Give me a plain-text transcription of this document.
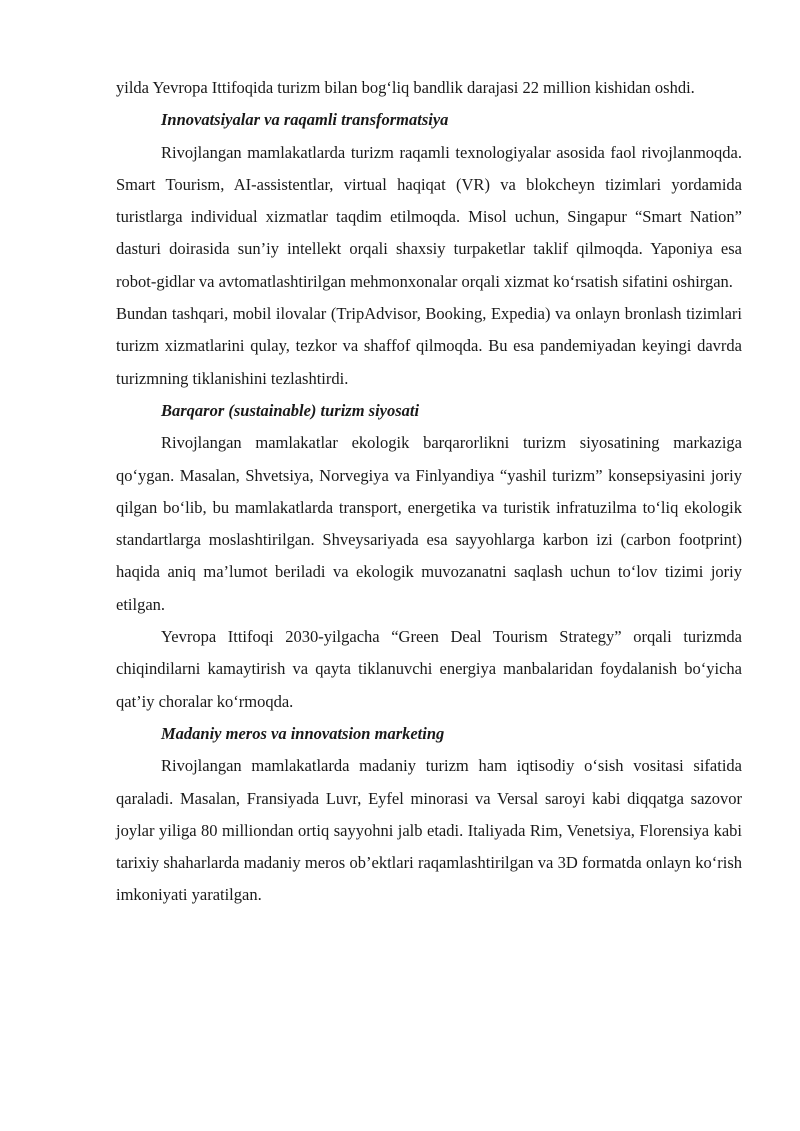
yilda Yevropa Ittifoqida turizm bilan bog‘liq bandlik darajasi 22 million kishidan oshdi.

Innovatsiyalar va raqamli transformatsiya

Rivojlangan mamlakatlarda turizm raqamli texnologiyalar asosida faol rivojlanmoqda. Smart Tourism, AI-assistentlar, virtual haqiqat (VR) va blokcheyn tizimlari yordamida turistlarga individual xizmatlar taqdim etilmoqda. Misol uchun, Singapur “Smart Nation” dasturi doirasida sun’iy intellekt orqali shaxsiy turpaketlar taklif qilmoqda. Yaponiya esa robot-gidlar va avtomatlashtirilgan mehmonxonalar orqali xizmat ko‘rsatish sifatini oshirgan.

Bundan tashqari, mobil ilovalar (TripAdvisor, Booking, Expedia) va onlayn bronlash tizimlari turizm xizmatlarini qulay, tezkor va shaffof qilmoqda. Bu esa pandemiyadan keyingi davrda turizmning tiklanishini tezlashtirdi.

Barqaror (sustainable) turizm siyosati

Rivojlangan mamlakatlar ekologik barqarorlikni turizm siyosatining markaziga qo‘ygan. Masalan, Shvetsiya, Norvegiya va Finlyandiya “yashil turizm” konsepsiyasini joriy qilgan bo‘lib, bu mamlakatlarda transport, energetika va turistik infratuzilma to‘liq ekologik standartlarga moslashtirilgan. Shveysariyada esa sayyohlarga karbon izi (carbon footprint) haqida aniq ma’lumot beriladi va ekologik muvozanatni saqlash uchun to‘lov tizimi joriy etilgan.

Yevropa Ittifoqi 2030-yilgacha “Green Deal Tourism Strategy” orqali turizmda chiqindilarni kamaytirish va qayta tiklanuvchi energiya manbalaridan foydalanish bo‘yicha qat’iy choralar ko‘rmoqda.

Madaniy meros va innovatsion marketing

Rivojlangan mamlakatlarda madaniy turizm ham iqtisodiy o‘sish vositasi sifatida qaraladi. Masalan, Fransiyada Luvr, Eyfel minorasi va Versal saroyi kabi diqqatga sazovor joylar yiliga 80 milliondan ortiq sayyohni jalb etadi. Italiyada Rim, Venetsiya, Florensiya kabi tarixiy shaharlarda madaniy meros ob’ektlari raqamlashtirilgan va 3D formatda onlayn ko‘rish imkoniyati yaratilgan.
